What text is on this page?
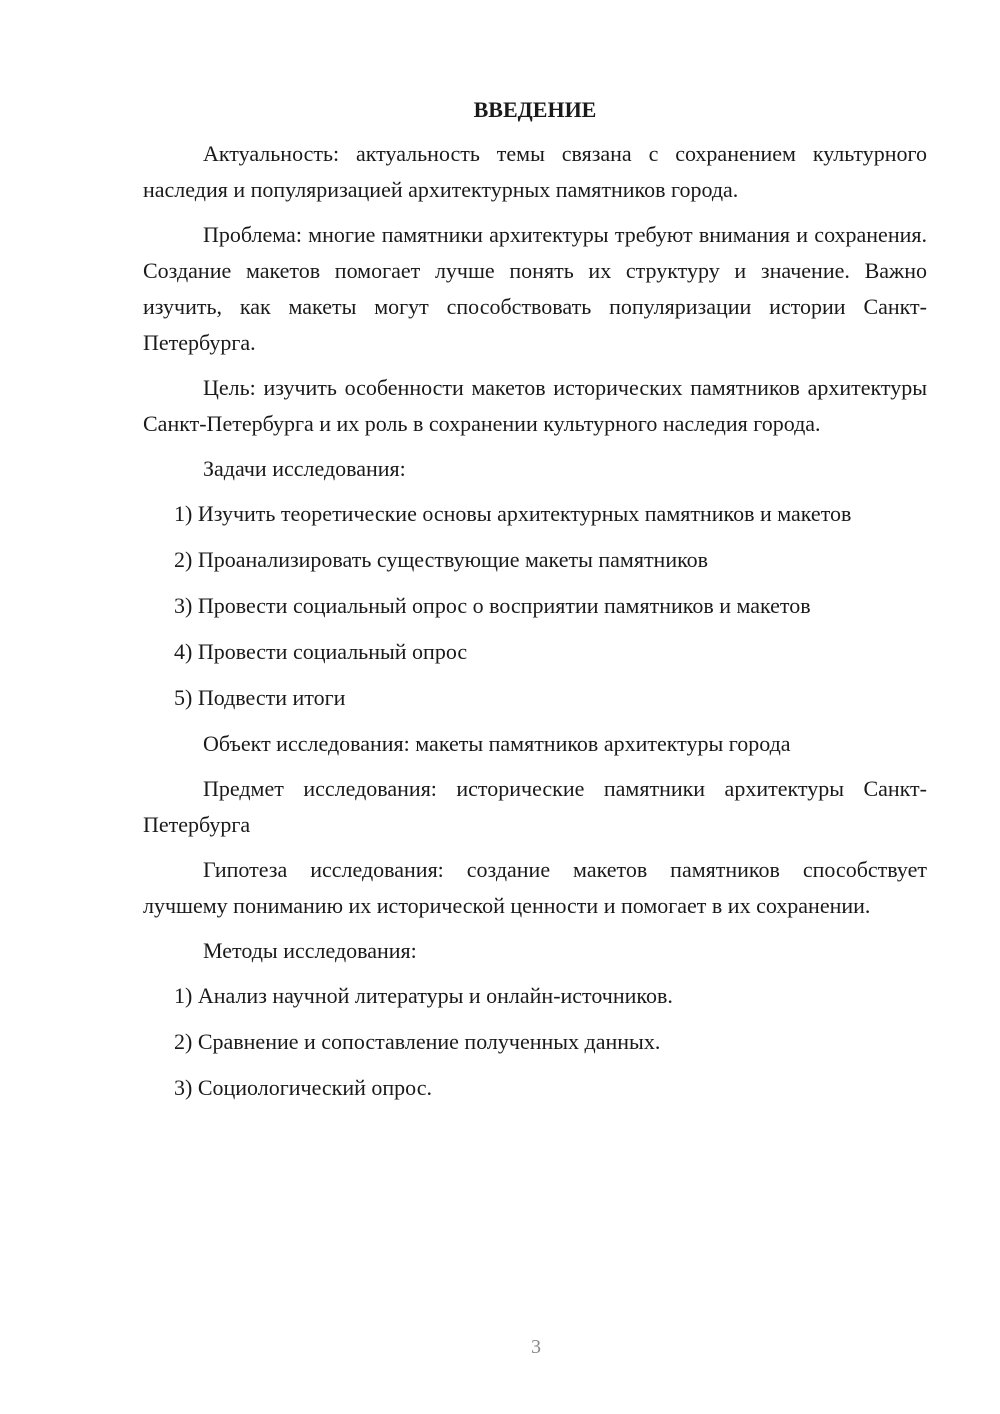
ВВЕДЕНИЕ

Актуальность: актуальность темы связана с сохранением культурного наследия и популяризацией архитектурных памятников города.

Проблема: многие памятники архитектуры требуют внимания и сохранения. Создание макетов помогает лучше понять их структуру и значение. Важно изучить, как макеты могут способствовать популяризации истории Санкт-Петербурга.

Цель: изучить особенности макетов исторических памятников архитектуры Санкт-Петербурга и их роль в сохранении культурного наследия города.

Задачи исследования:

1) Изучить теоретические основы архитектурных памятников и макетов

2) Проанализировать существующие макеты памятников

3) Провести социальный опрос о восприятии памятников и макетов

4) Провести социальный опрос

5) Подвести итоги

Объект исследования: макеты памятников архитектуры города

Предмет исследования: исторические памятники архитектуры Санкт-Петербурга

Гипотеза исследования: создание макетов памятников способствует лучшему пониманию их исторической ценности и помогает в их сохранении.

Методы исследования:

1) Анализ научной литературы и онлайн-источников.

2) Сравнение и сопоставление полученных данных.

3) Социологический опрос.

3
